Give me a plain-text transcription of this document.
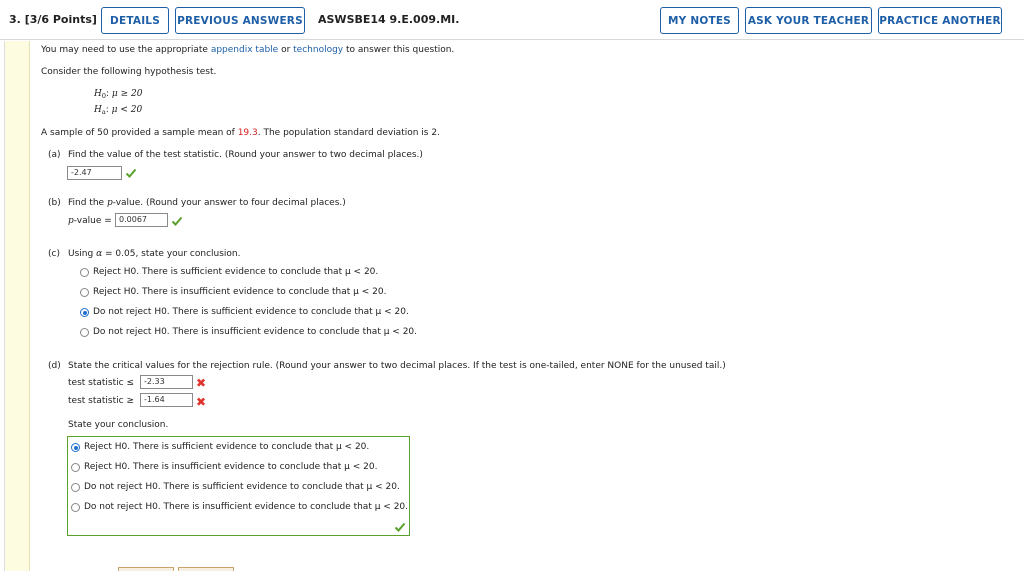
3. [3/6 Points]	DETAILS	PREVIOUS ANSWERS ASWSBE14 9.E.009.MI.	MY NOTES	ASK YOUR TEACHER PRACTICE ANOTHER
You may need to use the appropriate appendix table or technology to answer this question.
Consider the following hypothesis test.
$H_0$: μ ≥ 20
$H_a$: μ < 20
A sample of 50 provided a sample mean of 19.3. The population standard deviation is 2.
(a) Find the value of the test statistic. (Round your answer to two decimal places.)
-2.47
(b) Find the p-value. (Round your answer to four decimal places.)
p-value = 0.0067
(c) Using α = 0.05, state your conclusion.
Reject H0. There is sufficient evidence to conclude that μ < 20.
Reject H0. There is insufficient evidence to conclude that μ < 20.
Do not reject H0. There is sufficient evidence to conclude that μ < 20.
Do not reject H0. There is insufficient evidence to conclude that μ < 20.
(d) State the critical values for the rejection rule. (Round your answer to two decimal places. If the test is one-tailed, enter NONE for the unused tail.)
test statistic ≤	-2.33	✖
test statistic ≥	-1.64	✖
State your conclusion.
Reject H0. There is sufficient evidence to conclude that μ < 20.
Reject H0. There is insufficient evidence to conclude that μ < 20.
Do not reject H0. There is sufficient evidence to conclude that μ < 20.
Do not reject H0. There is insufficient evidence to conclude that μ < 20.
